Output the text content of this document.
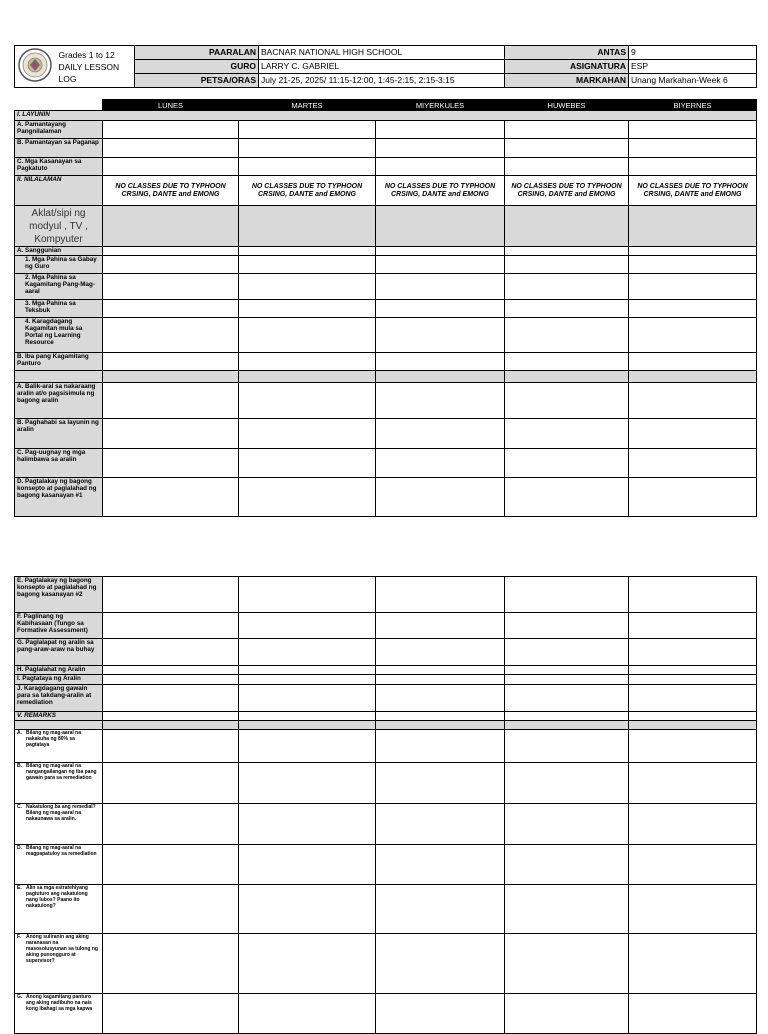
Grades 1 to 12
DAILY LESSON
LOG	PAARALAN	BACNAR NATIONAL HIGH SCHOOL	ANTAS	9
		GURO	LARRY C. GABRIEL	ASIGNATURA	ESP
		PETSA/ORAS	July 21-25, 2025/ 11:15-12:00, 1:45-2:15, 2:15-3:15	MARKAHAN	Unang Markahan-Week 6
	LUNES	MARTES	MIYERKULES	HUWEBES	BIYERNES
I. LAYUNIN					
A. Pamantayang Pangnilalaman					
B. Pamantayan sa Paganap					
C. Mga Kasanayan sa Pagkatuto					
II. NILALAMAN	NO CLASSES DUE TO TYPHOON CRSING, DANTE and EMONG	NO CLASSES DUE TO TYPHOON CRSING, DANTE and EMONG	NO CLASSES DUE TO TYPHOON CRSING, DANTE and EMONG	NO CLASSES DUE TO TYPHOON CRSING, DANTE and EMONG	NO CLASSES DUE TO TYPHOON CRSING, DANTE and EMONG
Aklat/sipi ng modyul , TV , Kompyuter					
A. Sanggunian					
1. Mga Pahina sa Gabay ng Guro					
2. Mga Pahina sa Kagamitang Pang-Mag-aaral					
3. Mga Pahina sa Teksbuk					
4. Karagdagang Kagamitan mula sa Portal ng Learning Resource					
B. Iba pang Kagamitang Panturo					

A. Balik-aral sa nakaraang aralin at/o pagsisimula ng bagong aralin					
B. Paghahabi sa layunin ng aralin					
C. Pag-uugnay ng mga halimbawa sa aralin					
D. Pagtalakay ng bagong konsepto at paglalahad ng bagong kasanayan #1					
E. Pagtalakay ng bagong konsepto at paglalahad ng bagong kasanayan #2					
F. Paglinang ng Kabihasaan (Tungo sa Formative Assessment)					
G. Paglalapat ng aralin sa pang-araw-araw na buhay					
H. Paglalahat ng Aralin					
I. Pagtataya ng Aralin					
J. Karagdagang gawain para sa takdang-aralin at remediation					
V. REMARKS					

A. Bilang ng mag-aaral na nakakuha ng 80% sa pagtataya					
B. Bilang ng mag-aaral na nangangailangan ng iba pang gawain para sa remediation					
C. Nakatulong ba ang remedial? Bilang ng mag-aaral na nakaunawa sa aralin.					
D. Bilang ng mag-aaral na magpapatuloy sa remediation					
E. Alin sa mga estratehiyang pagtuturo ang nakatulong nang lubos? Paano ito nakatulong?					
F. Anong suliranin ang aking naranasan na masosolusyunan sa tulong ng aking punongguro at supervisor?					
G. Anong kagamitang panturo ang aking nadibuho na nais kong ibahagi sa mga kapwa					
